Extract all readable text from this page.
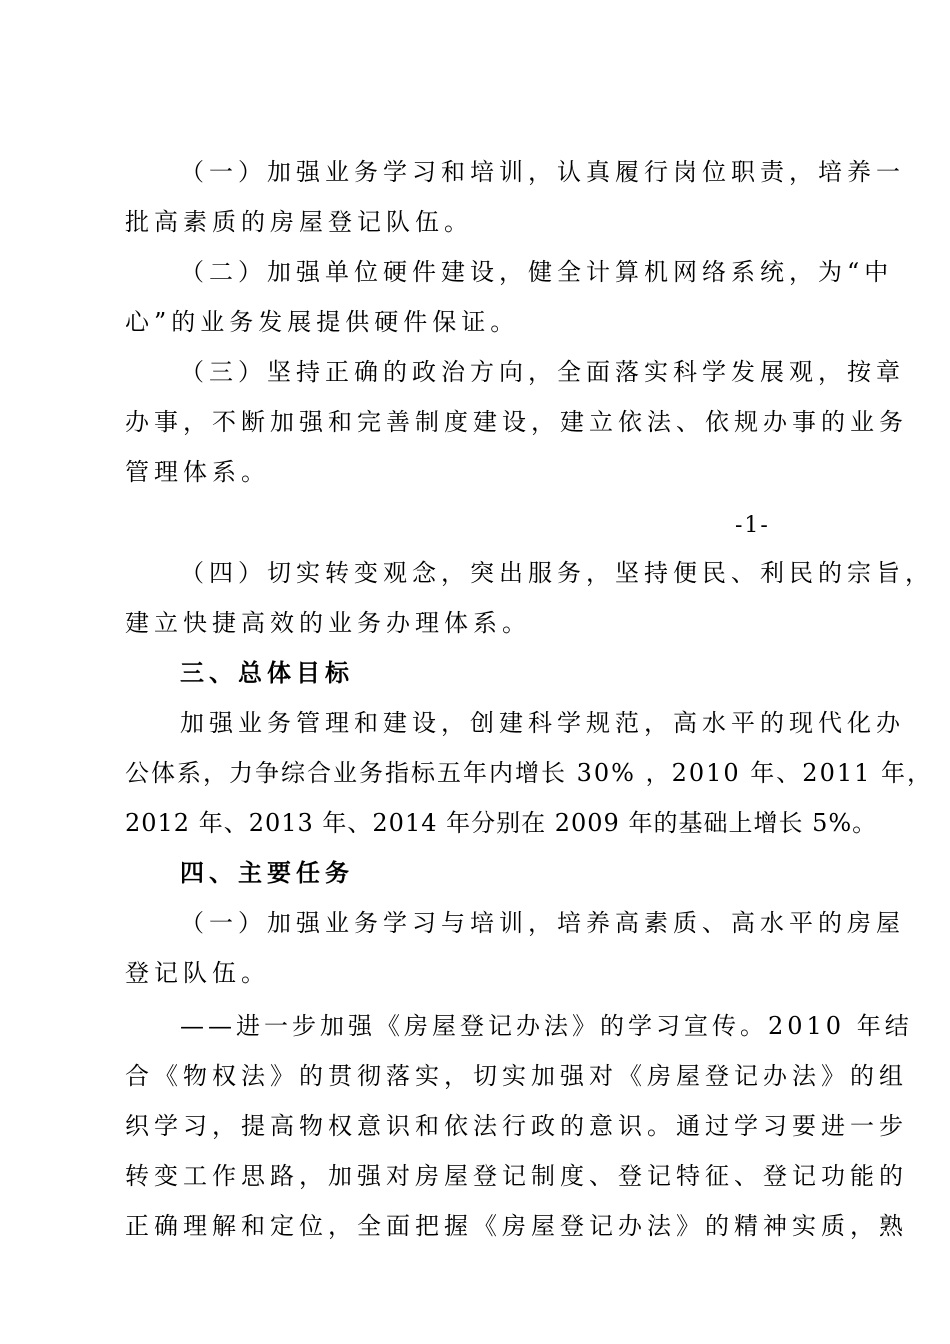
（一）加强业务学习和培训，认真履行岗位职责，培养一
批高素质的房屋登记队伍。
（二）加强单位硬件建设，健全计算机网络系统，为“中
心”的业务发展提供硬件保证。
（三）坚持正确的政治方向，全面落实科学发展观，按章
办事，不断加强和完善制度建设，建立依法、依规办事的业务
管理体系。
-1-
（四）切实转变观念，突出服务，坚持便民、利民的宗旨，
建立快捷高效的业务办理体系。
三、总体目标
加强业务管理和建设，创建科学规范，高水平的现代化办
公体系，力争综合业务指标五年内增长 30% ，2010 年、2011 年，
2012 年、2013 年、2014 年分别在 2009 年的基础上增长 5%。
四、主要任务
（一）加强业务学习与培训，培养高素质、高水平的房屋
登记队伍。
——进一步加强《房屋登记办法》的学习宣传。2010 年结
合《物权法》的贯彻落实，切实加强对《房屋登记办法》的组
织学习，提高物权意识和依法行政的意识。通过学习要进一步
转变工作思路，加强对房屋登记制度、登记特征、登记功能的
正确理解和定位，全面把握《房屋登记办法》的精神实质，熟
